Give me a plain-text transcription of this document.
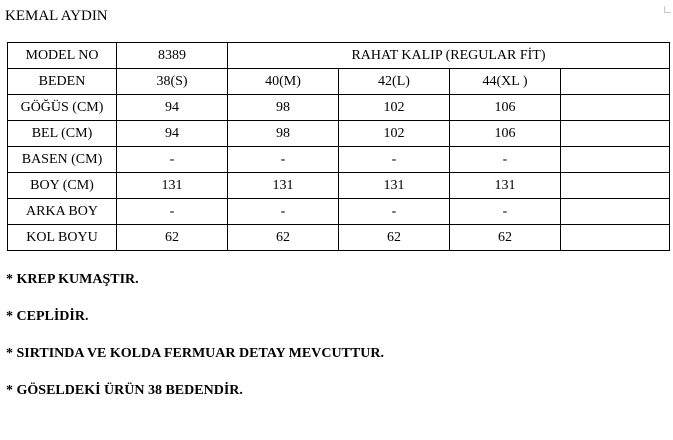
KEMAL AYDIN
MODEL NO	8389	RAHAT KALIP (REGULAR FİT)			
BEDEN	38(S)	40(M)	42(L)	44(XL )	
GÖĞÜS (CM)	94	98	102	106	
BEL (CM)	94	98	102	106	
BASEN (CM)	-	-	-	-	
BOY (CM)	131	131	131	131	
ARKA BOY	-	-	-	-	
KOL BOYU	62	62	62	62	
* KREP KUMAŞTIR.
* CEPLİDİR.
* SIRTINDA VE KOLDA FERMUAR DETAY MEVCUTTUR.
* GÖSELDEKİ ÜRÜN 38 BEDENDİR.
